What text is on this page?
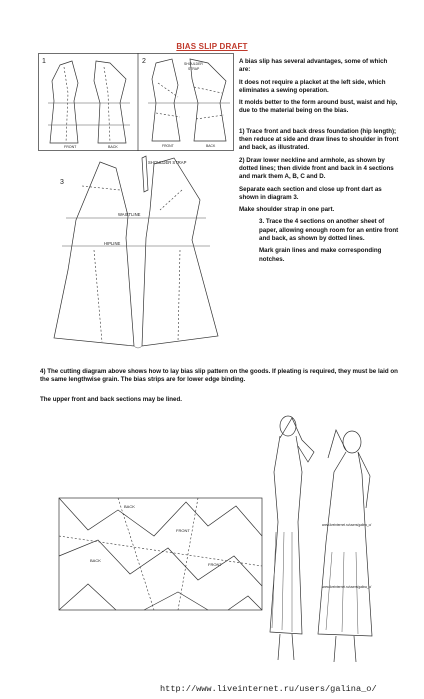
BIAS SLIP DRAFT
1	2
FRONT	BACK
SHOULDER
STRAP
FRONT	BACK
3
SHOULDER STRAP
WAISTLINE
HIPLINE

A bias slip has several advantages, some of which are:

It does not require a placket at the left side, which eliminates a sewing operation.

It molds better to the form around bust, waist and hip, due to the material being on the bias.

1) Trace front and back dress foundation (hip length); then reduce at side and draw lines to shoulder in front and back, as illustrated.

2) Draw lower neckline and armhole, as shown by dotted lines; then divide front and back in 4 sections and mark them A, B, C and D.

Separate each section and close up front dart as shown in diagram 3.

Make shoulder strap in one part.

3. Trace the 4 sections on another sheet of paper, allowing enough room for an entire front and back, as shown by dotted lines.

Mark grain lines and make corresponding notches.

4) The cutting diagram above shows how to lay bias slip pattern on the goods. If pleating is required, they must be laid on the same lengthwise grain. The bias strips are for lower edge binding.
The upper front and back sections may be lined.
BACK
FRONT
BACK
FRONT
www.liveinternet.ru/users/galina_o/
www.liveinternet.ru/users/galina_o/
http://www.liveinternet.ru/users/galina_o/
